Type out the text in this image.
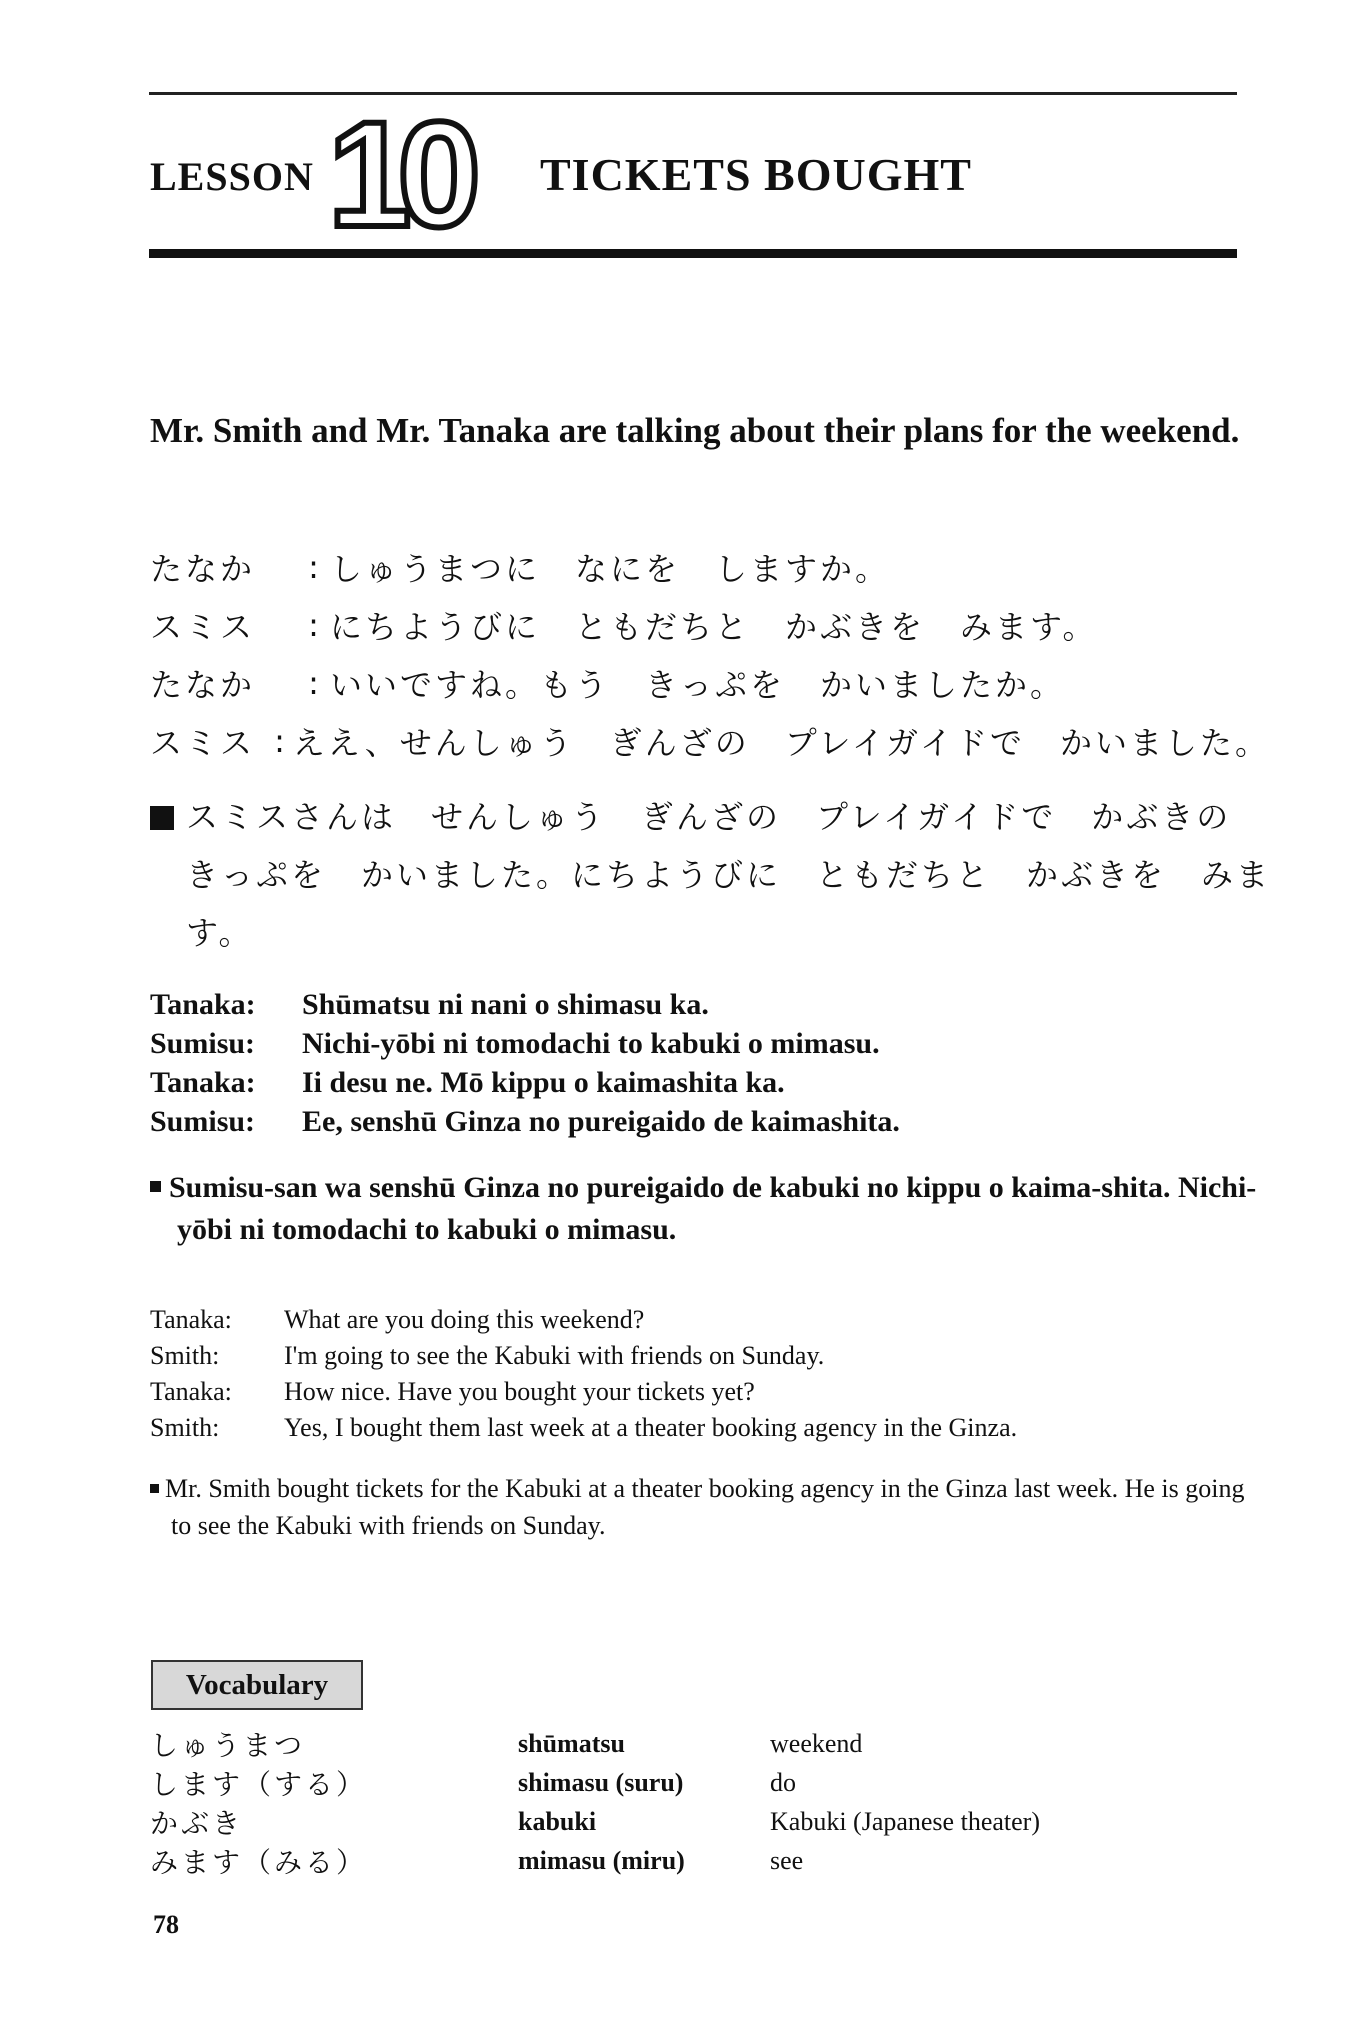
LESSON 10 TICKETS BOUGHT
Mr. Smith and Mr. Tanaka are talking about their plans for the weekend.
たなか	: しゅうまつに　なにを　しますか。
スミス	: にちようびに　ともだちと　かぶきを　みます。
たなか	: いいですね。もう　きっぷを　かいましたか。
スミス : ええ、せんしゅう　ぎんざの　プレイガイドで　かいました。
スミスさんは　せんしゅう　ぎんざの　プレイガイドで　かぶきの　きっぷを　かいました。にちようびに　ともだちと　かぶきを　みます。
Tanaka:	Shūmatsu ni nani o shimasu ka.
Sumisu:	Nichi-yōbi ni tomodachi to kabuki o mimasu.
Tanaka:	Ii desu ne. Mō kippu o kaimashita ka.
Sumisu:	Ee, senshū Ginza no pureigaido de kaimashita.
Sumisu-san wa senshū Ginza no pureigaido de kabuki no kippu o kaima-shita. Nichi-yōbi ni tomodachi to kabuki o mimasu.
Tanaka:	What are you doing this weekend?
Smith:	I'm going to see the Kabuki with friends on Sunday.
Tanaka:	How nice. Have you bought your tickets yet?
Smith:	Yes, I bought them last week at a theater booking agency in the Ginza.
Mr. Smith bought tickets for the Kabuki at a theater booking agency in the Ginza last week. He is going to see the Kabuki with friends on Sunday.
Vocabulary
しゅうまつ	shūmatsu	weekend
します（する）	shimasu (suru)	do
かぶき	kabuki	Kabuki (Japanese theater)
みます（みる）	mimasu (miru)	see
78
